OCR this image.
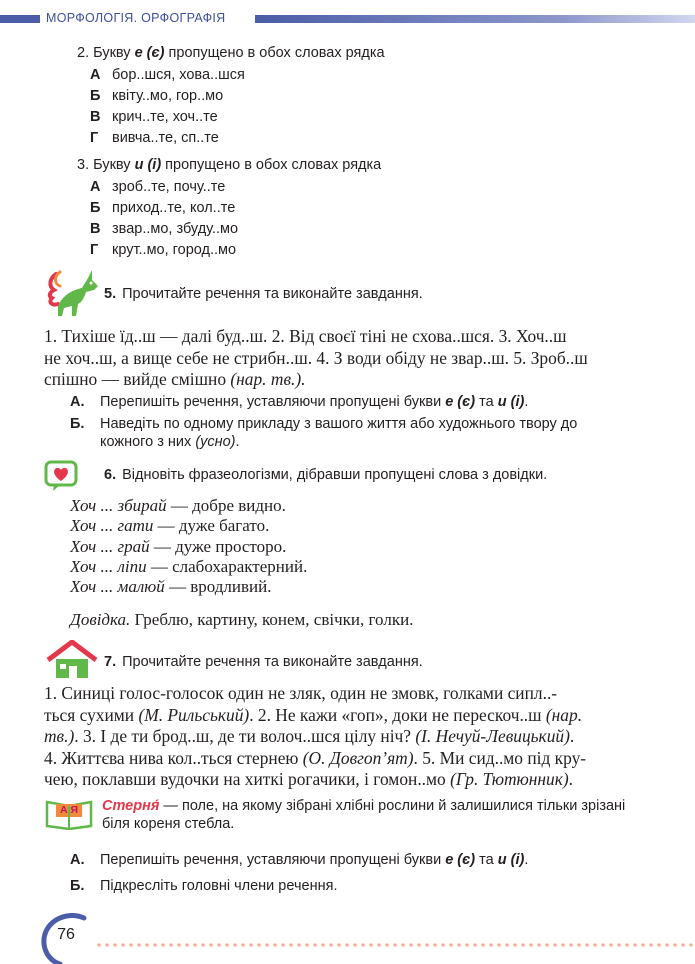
МОРФОЛОГІЯ. ОРФОГРАФІЯ
2. Букву е (є) пропущено в обох словах рядка
А бор..шся, хова..шся
Б квіту..мо, гор..мо
В крич..те, хоч..те
Г вивча..те, сп..те
3. Букву и (і) пропущено в обох словах рядка
А зроб..те, почу..те
Б приход..те, кол..те
В звар..мо, збуду..мо
Г крут..мо, город..мо
5. Прочитайте речення та виконайте завдання.
1. Тихіше їд..ш — далі буд..ш. 2. Від своєї тіні не схова..шся. 3. Хоч..ш
не хоч..ш, а вище себе не стрибн..ш. 4. З води обіду не звар..ш. 5. Зроб..ш
спішно — вийде смішно (нар. тв.).
А. Перепишіть речення, уставляючи пропущені букви е (є) та и (і).
Б. Наведіть по одному прикладу з вашого життя або художнього твору до кожного з них (усно).
6. Відновіть фразеологізми, дібравши пропущені слова з довідки.
Хоч ... збирай — добре видно.
Хоч ... гати — дуже багато.
Хоч ... грай — дуже просторо.
Хоч ... ліпи — слабохарактерний.
Хоч ... малюй — вродливий.
Довідка. Греблю, картину, конем, свічки, голки.
7. Прочитайте речення та виконайте завдання.
1. Синиці голос-голосок один не зляк, один не змовк, голками сипл..-
ться сухими (М. Рильський). 2. Не кажи «гоп», доки не перескоч..ш (нар.
тв.). 3. І де ти брод..ш, де ти волоч..шся цілу ніч? (І. Нечуй-Левицький).
4. Життєва нива кол..ться стернею (О. Довгоп’ят). 5. Ми сид..мо під кру-
чею, поклавши вудочки на хиткі рогачики, і гомон..мо (Гр. Тютюнник).
А Я Стерня́ — поле, на якому зібрані хлібні рослини й залишилися тільки зрізані біля кореня стебла.
А. Перепишіть речення, уставляючи пропущені букви е (є) та и (і).
Б. Підкресліть головні члени речення.
76
